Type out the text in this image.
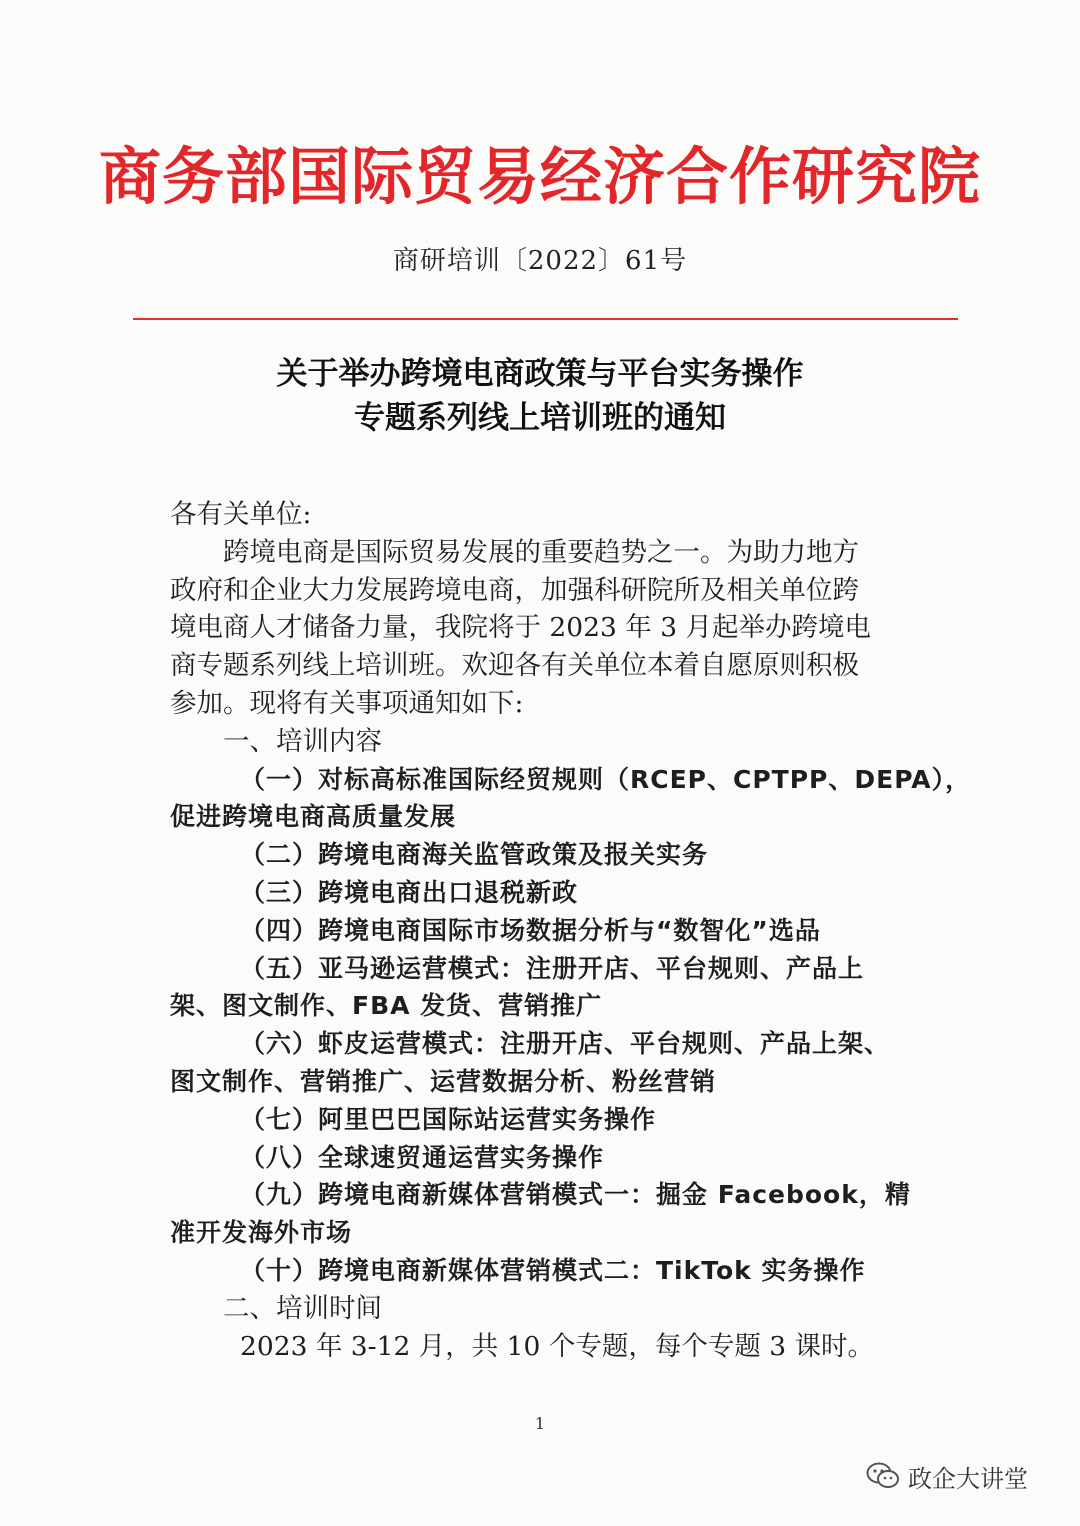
商务部国际贸易经济合作研究院
商研培训〔2022〕61号
关于举办跨境电商政策与平台实务操作
专题系列线上培训班的通知

各有关单位:

跨境电商是国际贸易发展的重要趋势之一。为助力地方

政府和企业大力发展跨境电商，加强科研院所及相关单位跨

境电商人才储备力量，我院将于 2023 年 3 月起举办跨境电

商专题系列线上培训班。欢迎各有关单位本着自愿原则积极

参加。现将有关事项通知如下:

一、培训内容

（一）对标高标准国际经贸规则（RCEP、CPTPP、DEPA），

促进跨境电商高质量发展

（二）跨境电商海关监管政策及报关实务

（三）跨境电商出口退税新政

（四）跨境电商国际市场数据分析与“数智化”选品

（五）亚马逊运营模式：注册开店、平台规则、产品上

架、图文制作、FBA 发货、营销推广

（六）虾皮运营模式：注册开店、平台规则、产品上架、

图文制作、营销推广、运营数据分析、粉丝营销

（七）阿里巴巴国际站运营实务操作

（八）全球速贸通运营实务操作

（九）跨境电商新媒体营销模式一：掘金 Facebook，精

准开发海外市场

（十）跨境电商新媒体营销模式二：TikTok 实务操作

二、培训时间

2023 年 3-12 月，共 10 个专题，每个专题 3 课时。

1
政企大讲堂
